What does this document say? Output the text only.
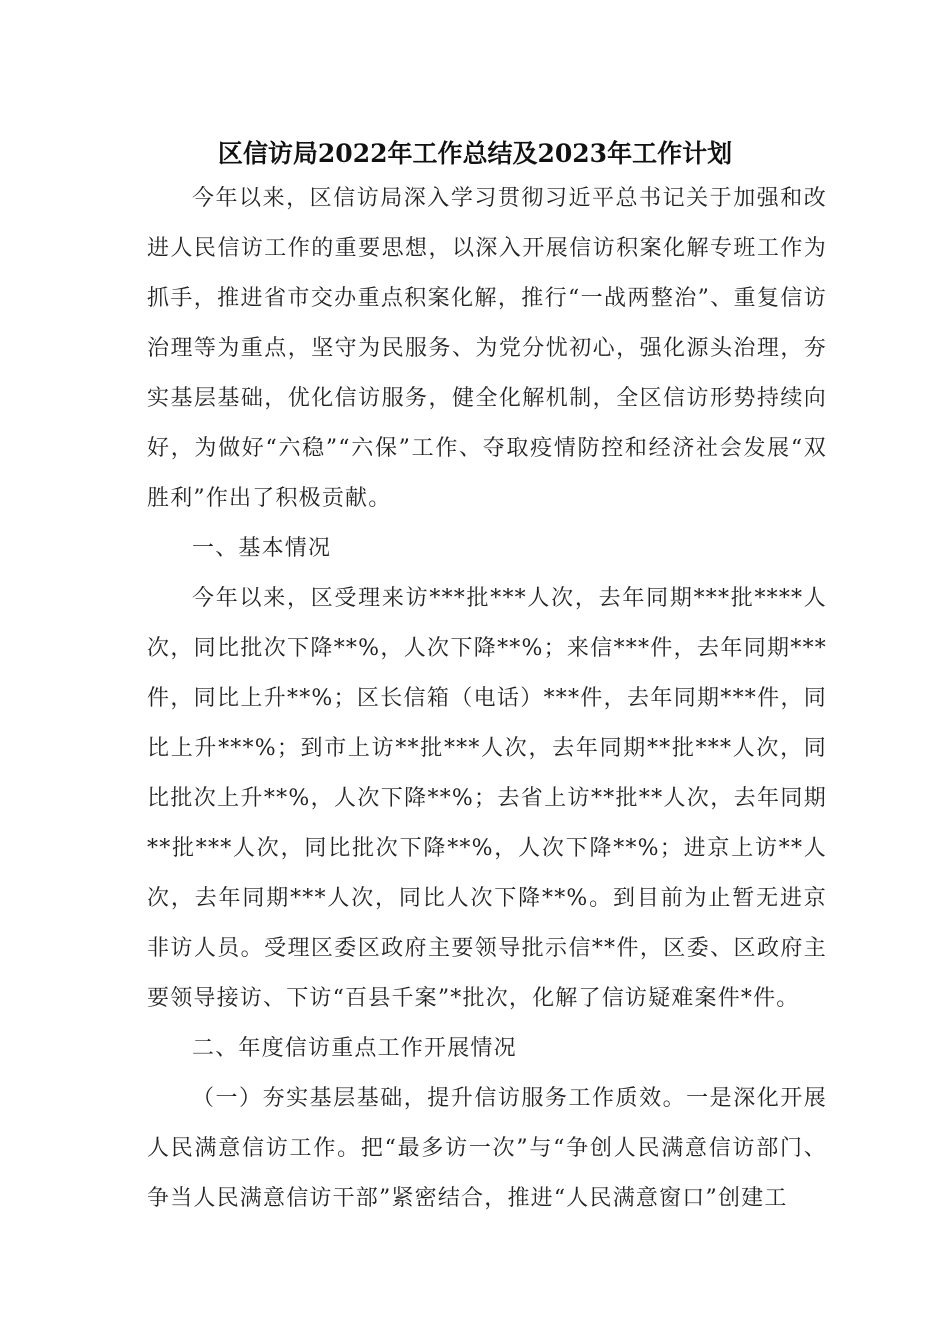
区信访局2022年工作总结及2023年工作计划

今年以来，区信访局深入学习贯彻习近平总书记关于加强和改进人民信访工作的重要思想，以深入开展信访积案化解专班工作为抓手，推进省市交办重点积案化解，推行“一战两整治”、重复信访治理等为重点，坚守为民服务、为党分忧初心，强化源头治理，夯实基层基础，优化信访服务，健全化解机制，全区信访形势持续向好，为做好“六稳”“六保”工作、夺取疫情防控和经济社会发展“双胜利”作出了积极贡献。

一、基本情况

今年以来，区受理来访***批***人次，去年同期***批****人次，同比批次下降**%，人次下降**%；来信***件，去年同期***件，同比上升**%；区长信箱（电话）***件，去年同期***件，同比上升***%；到市上访**批***人次，去年同期**批***人次，同比批次上升**%，人次下降**%；去省上访**批**人次，去年同期**批***人次，同比批次下降**%，人次下降**%；进京上访**人次，去年同期***人次，同比人次下降**%。到目前为止暂无进京非访人员。受理区委区政府主要领导批示信**件，区委、区政府主要领导接访、下访“百县千案”*批次，化解了信访疑难案件*件。

二、年度信访重点工作开展情况

（一）夯实基层基础，提升信访服务工作质效。一是深化开展人民满意信访工作。把“最多访一次”与“争创人民满意信访部门、争当人民满意信访干部”紧密结合，推进“人民满意窗口”创建工
